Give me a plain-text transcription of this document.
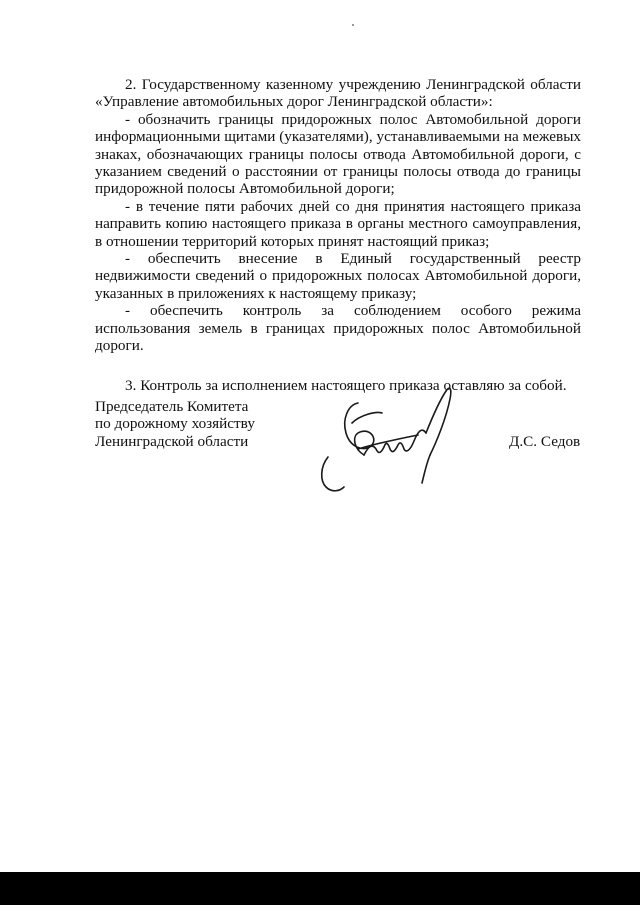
2. Государственному казенному учреждению Ленинградской области «Управление автомобильных дорог Ленинградской области»:

- обозначить границы придорожных полос Автомобильной дороги информационными щитами (указателями), устанавливаемыми на межевых знаках, обозначающих границы полосы отвода Автомобильной дороги, с указанием сведений о расстоянии от границы полосы отвода до границы придорожной полосы Автомобильной дороги;

- в течение пяти рабочих дней со дня принятия настоящего приказа направить копию настоящего приказа в органы местного самоуправления, в отношении территорий которых принят настоящий приказ;

- обеспечить внесение в Единый государственный реестр недвижимости сведений о придорожных полосах Автомобильной дороги, указанных в приложениях к настоящему приказу;

- обеспечить контроль за соблюдением особого режима использования земель в границах придорожных полос Автомобильной дороги.

3. Контроль за исполнением настоящего приказа оставляю за собой.

Председатель Комитета
по дорожному хозяйству
Ленинградской области	Д.С. Седов
